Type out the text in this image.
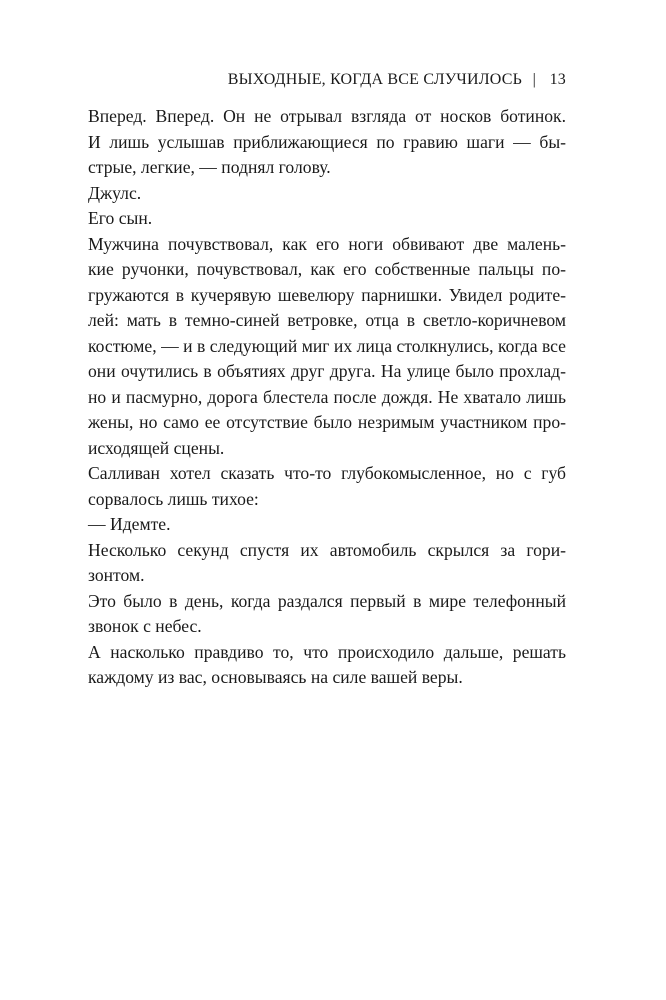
ВЫХОДНЫЕ, КОГДА ВСЕ СЛУЧИЛОСЬ | 13

Вперед. Вперед. Он не отрывал взгляда от носков ботинок.
И лишь услышав приближающиеся по гравию шаги — бы-
стрые, легкие, — поднял голову.

Джулс.

Его сын.

Мужчина почувствовал, как его ноги обвивают две малень-
кие ручонки, почувствовал, как его собственные пальцы по-
гружаются в кучерявую шевелюру парнишки. Увидел родите-
лей: мать в темно-синей ветровке, отца в светло-коричневом
костюме, — и в следующий миг их лица столкнулись, когда все
они очутились в объятиях друг друга. На улице было прохлад-
но и пасмурно, дорога блестела после дождя. Не хватало лишь
жены, но само ее отсутствие было незримым участником про-
исходящей сцены.

Салливан хотел сказать что-то глубокомысленное, но с губ
сорвалось лишь тихое:

— Идемте.

Несколько секунд спустя их автомобиль скрылся за гори-
зонтом.

Это было в день, когда раздался первый в мире телефонный
звонок с небес.

А насколько правдиво то, что происходило дальше, решать
каждому из вас, основываясь на силе вашей веры.
